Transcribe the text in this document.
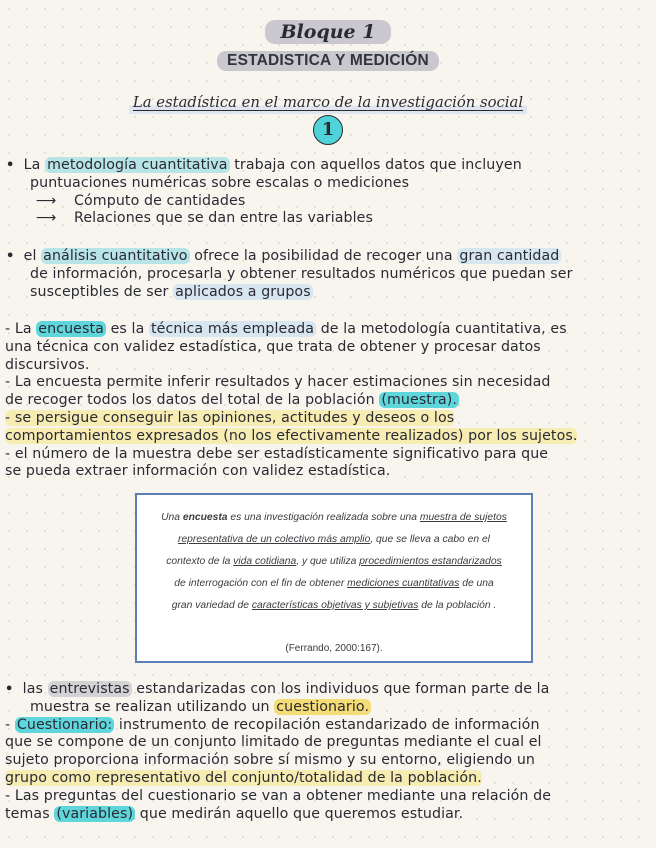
Bloque 1
ESTADISTICA Y MEDICIÓN
La estadística en el marco de la investigación social
1
•  La metodología cuantitativa trabaja con aquellos datos que incluyen
puntuaciones numéricas sobre escalas o mediciones
⟶ Cómputo de cantidades
⟶ Relaciones que se dan entre las variables
•  el análisis cuantitativo ofrece la posibilidad de recoger una gran cantidad
de información, procesarla y obtener resultados numéricos que puedan ser
susceptibles de ser aplicados a grupos
- La encuesta es la técnica más empleada de la metodología cuantitativa, es
una técnica con validez estadística, que trata de obtener y procesar datos
discursivos.
- La encuesta permite inferir resultados y hacer estimaciones sin necesidad
de recoger todos los datos del total de la población (muestra).
- se persigue conseguir las opiniones, actitudes y deseos o los
comportamientos expresados (no los efectivamente realizados) por los sujetos.
- el número de la muestra debe ser estadísticamente significativo para que
se pueda extraer información con validez estadística.
Una encuesta es una investigación realizada sobre una muestra de sujetos
representativa de un colectivo más amplio, que se lleva a cabo en el
contexto de la vida cotidiana, y que utiliza procedimientos estandarizados
de interrogación con el fin de obtener mediciones cuantitativas de una
gran variedad de características objetivas y subjetivas de la población .
(Ferrando, 2000:167).
•  las entrevistas estandarizadas con los individuos que forman parte de la
muestra se realizan utilizando un cuestionario.
- Cuestionario: instrumento de recopilación estandarizado de información
que se compone de un conjunto limitado de preguntas mediante el cual el
sujeto proporciona información sobre sí mismo y su entorno, eligiendo un
grupo como representativo del conjunto/totalidad de la población.
- Las preguntas del cuestionario se van a obtener mediante una relación de
temas (variables) que medirán aquello que queremos estudiar.
